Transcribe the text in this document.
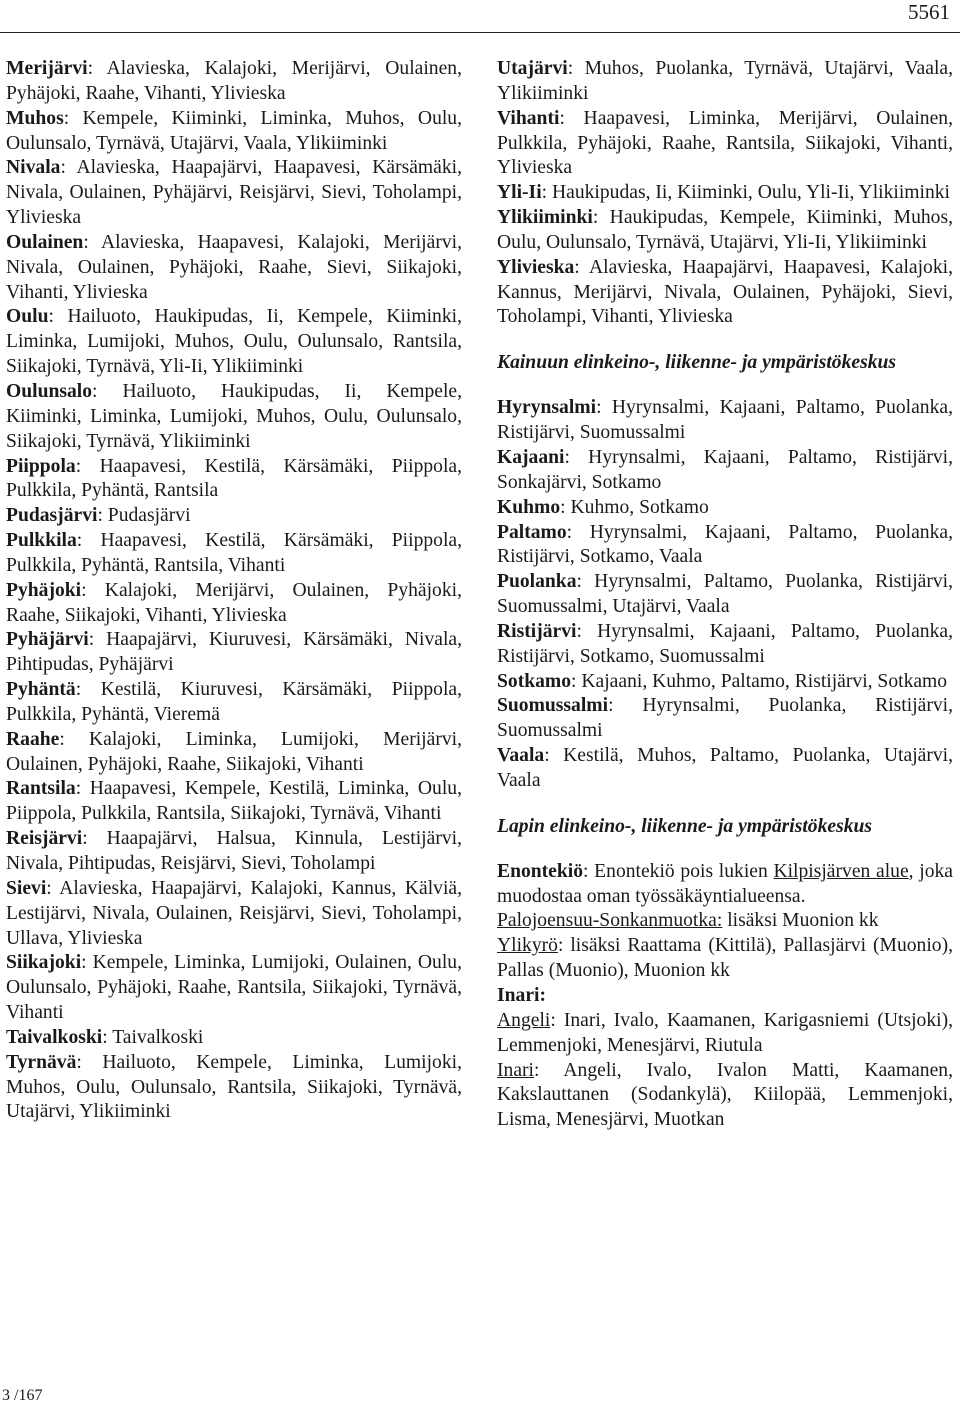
5561
Merijärvi: Alavieska, Kalajoki, Merijärvi, Oulainen, Pyhäjoki, Raahe, Vihanti, Ylivieska
Muhos: Kempele, Kiiminki, Liminka, Muhos, Oulu, Oulunsalo, Tyrnävä, Utajärvi, Vaala, Ylikiiminki
Nivala: Alavieska, Haapajärvi, Haapavesi, Kärsämäki, Nivala, Oulainen, Pyhäjärvi, Reisjärvi, Sievi, Toholampi, Ylivieska
Oulainen: Alavieska, Haapavesi, Kalajoki, Merijärvi, Nivala, Oulainen, Pyhäjoki, Raahe, Sievi, Siikajoki, Vihanti, Ylivieska
Oulu: Hailuoto, Haukipudas, Ii, Kempele, Kiiminki, Liminka, Lumijoki, Muhos, Oulu, Oulunsalo, Rantsila, Siikajoki, Tyrnävä, Yli-Ii, Ylikiiminki
Oulunsalo: Hailuoto, Haukipudas, Ii, Kempele, Kiiminki, Liminka, Lumijoki, Muhos, Oulu, Oulunsalo, Siikajoki, Tyrnävä, Ylikiiminki
Piippola: Haapavesi, Kestilä, Kärsämäki, Piippola, Pulkkila, Pyhäntä, Rantsila
Pudasjärvi: Pudasjärvi
Pulkkila: Haapavesi, Kestilä, Kärsämäki, Piippola, Pulkkila, Pyhäntä, Rantsila, Vihanti
Pyhäjoki: Kalajoki, Merijärvi, Oulainen, Pyhäjoki, Raahe, Siikajoki, Vihanti, Ylivieska
Pyhäjärvi: Haapajärvi, Kiuruvesi, Kärsämäki, Nivala, Pihtipudas, Pyhäjärvi
Pyhäntä: Kestilä, Kiuruvesi, Kärsämäki, Piippola, Pulkkila, Pyhäntä, Vieremä
Raahe: Kalajoki, Liminka, Lumijoki, Merijärvi, Oulainen, Pyhäjoki, Raahe, Siikajoki, Vihanti
Rantsila: Haapavesi, Kempele, Kestilä, Liminka, Oulu, Piippola, Pulkkila, Rantsila, Siikajoki, Tyrnävä, Vihanti
Reisjärvi: Haapajärvi, Halsua, Kinnula, Lestijärvi, Nivala, Pihtipudas, Reisjärvi, Sievi, Toholampi
Sievi: Alavieska, Haapajärvi, Kalajoki, Kannus, Kälviä, Lestijärvi, Nivala, Oulainen, Reisjärvi, Sievi, Toholampi, Ullava, Ylivieska
Siikajoki: Kempele, Liminka, Lumijoki, Oulainen, Oulu, Oulunsalo, Pyhäjoki, Raahe, Rantsila, Siikajoki, Tyrnävä, Vihanti
Taivalkoski: Taivalkoski
Tyrnävä: Hailuoto, Kempele, Liminka, Lumijoki, Muhos, Oulu, Oulunsalo, Rantsila, Siikajoki, Tyrnävä, Utajärvi, Ylikiiminki
Utajärvi: Muhos, Puolanka, Tyrnävä, Utajärvi, Vaala, Ylikiiminki
Vihanti: Haapavesi, Liminka, Merijärvi, Oulainen, Pulkkila, Pyhäjoki, Raahe, Rantsila, Siikajoki, Vihanti, Ylivieska
Yli-Ii: Haukipudas, Ii, Kiiminki, Oulu, Yli-Ii, Ylikiiminki
Ylikiiminki: Haukipudas, Kempele, Kiiminki, Muhos, Oulu, Oulunsalo, Tyrnävä, Utajärvi, Yli-Ii, Ylikiiminki
Ylivieska: Alavieska, Haapajärvi, Haapavesi, Kalajoki, Kannus, Merijärvi, Nivala, Oulainen, Pyhäjoki, Sievi, Toholampi, Vihanti, Ylivieska
Kainuun elinkeino-, liikenne- ja ympäristökeskus
Hyrynsalmi: Hyrynsalmi, Kajaani, Paltamo, Puolanka, Ristijärvi, Suomussalmi
Kajaani: Hyrynsalmi, Kajaani, Paltamo, Ristijärvi, Sonkajärvi, Sotkamo
Kuhmo: Kuhmo, Sotkamo
Paltamo: Hyrynsalmi, Kajaani, Paltamo, Puolanka, Ristijärvi, Sotkamo, Vaala
Puolanka: Hyrynsalmi, Paltamo, Puolanka, Ristijärvi, Suomussalmi, Utajärvi, Vaala
Ristijärvi: Hyrynsalmi, Kajaani, Paltamo, Puolanka, Ristijärvi, Sotkamo, Suomussalmi
Sotkamo: Kajaani, Kuhmo, Paltamo, Ristijärvi, Sotkamo
Suomussalmi: Hyrynsalmi, Puolanka, Ristijärvi, Suomussalmi
Vaala: Kestilä, Muhos, Paltamo, Puolanka, Utajärvi, Vaala
Lapin elinkeino-, liikenne- ja ympäristökeskus
Enontekiö: Enontekiö pois lukien Kilpisjärven alue, joka muodostaa oman työssäkäyntialueensa.
Palojoensuu-Sonkanmuotka: lisäksi Muonion kk
Ylikyrö: lisäksi Raattama (Kittilä), Pallasjärvi (Muonio), Pallas (Muonio), Muonion kk
Inari:
Angeli: Inari, Ivalo, Kaamanen, Karigasniemi (Utsjoki), Lemmenjoki, Menesjärvi, Riutula
Inari: Angeli, Ivalo, Ivalon Matti, Kaamanen, Kakslauttanen (Sodankylä), Kiilopää, Lemmenjoki, Lisma, Menesjärvi, Muotkan
3 /167
